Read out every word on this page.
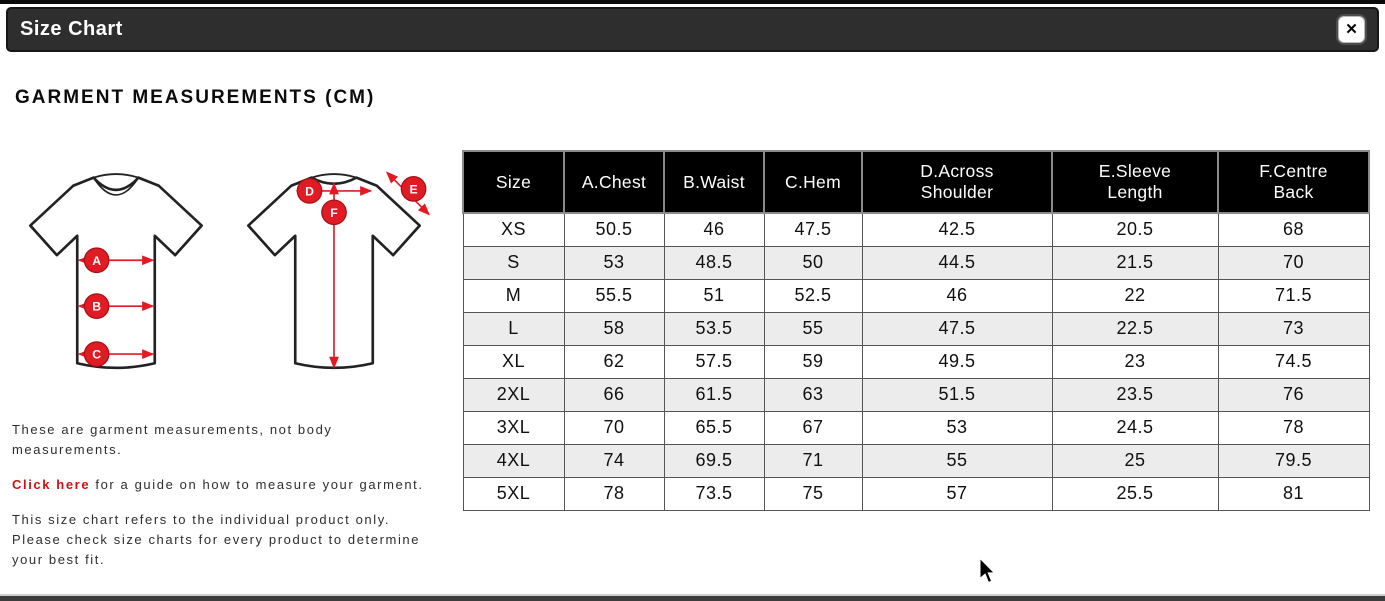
Size Chart	✕
GARMENT MEASUREMENTS (CM)
A
B
C
D
F
E

These are garment measurements, not body measurements.

Click here for a guide on how to measure your garment.

This size chart refers to the individual product only. Please check size charts for every product to determine your best fit.

Size	A.Chest	B.Waist	C.Hem	D.Across Shoulder	E.Sleeve Length	F.Centre Back
XS	50.5	46	47.5	42.5	20.5	68
S	53	48.5	50	44.5	21.5	70
M	55.5	51	52.5	46	22	71.5
L	58	53.5	55	47.5	22.5	73
XL	62	57.5	59	49.5	23	74.5
2XL	66	61.5	63	51.5	23.5	76
3XL	70	65.5	67	53	24.5	78
4XL	74	69.5	71	55	25	79.5
5XL	78	73.5	75	57	25.5	81
